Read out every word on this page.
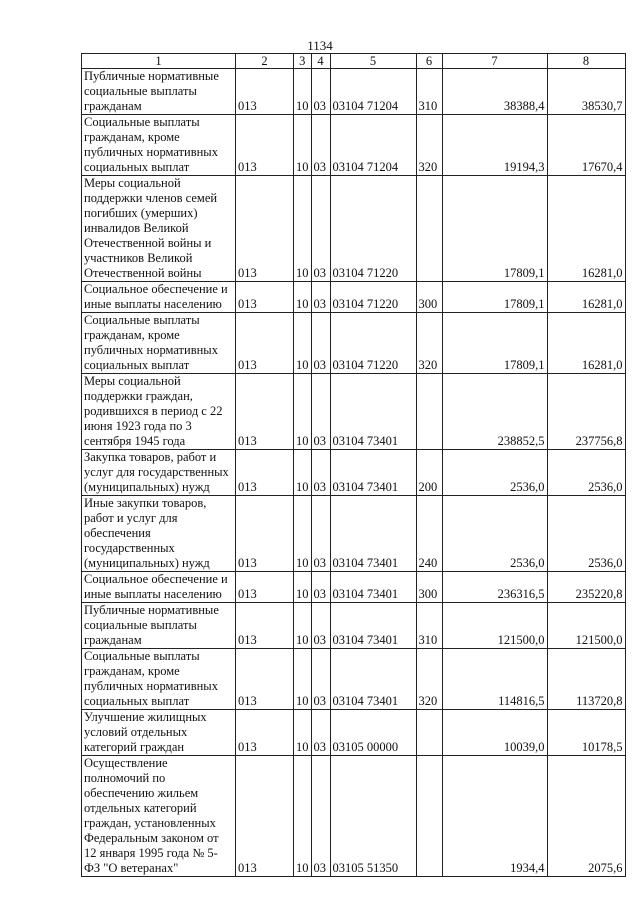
1134
1	2	3	4	5	6	7	8
Публичные нормативные социальные выплаты гражданам	013	10	03	03104 71204	310	38388,4	38530,7
Социальные выплаты гражданам, кроме публичных нормативных социальных выплат	013	10	03	03104 71204	320	19194,3	17670,4
Меры социальной поддержки членов семей погибших (умерших) инвалидов Великой Отечественной войны и участников Великой Отечественной войны	013	10	03	03104 71220		17809,1	16281,0
Социальное обеспечение и иные выплаты населению	013	10	03	03104 71220	300	17809,1	16281,0
Социальные выплаты гражданам, кроме публичных нормативных социальных выплат	013	10	03	03104 71220	320	17809,1	16281,0
Меры социальной поддержки граждан, родившихся в период с 22 июня 1923 года по 3 сентября 1945 года	013	10	03	03104 73401		238852,5	237756,8
Закупка товаров, работ и услуг для государственных (муниципальных) нужд	013	10	03	03104 73401	200	2536,0	2536,0
Иные закупки товаров, работ и услуг для обеспечения государственных (муниципальных) нужд	013	10	03	03104 73401	240	2536,0	2536,0
Социальное обеспечение и иные выплаты населению	013	10	03	03104 73401	300	236316,5	235220,8
Публичные нормативные социальные выплаты гражданам	013	10	03	03104 73401	310	121500,0	121500,0
Социальные выплаты гражданам, кроме публичных нормативных социальных выплат	013	10	03	03104 73401	320	114816,5	113720,8
Улучшение жилищных условий отдельных категорий граждан	013	10	03	03105 00000		10039,0	10178,5
Осуществление полномочий по обеспечению жильем отдельных категорий граждан, установленных Федеральным законом от 12 января 1995 года № 5-ФЗ "О ветеранах"	013	10	03	03105 51350		1934,4	2075,6
